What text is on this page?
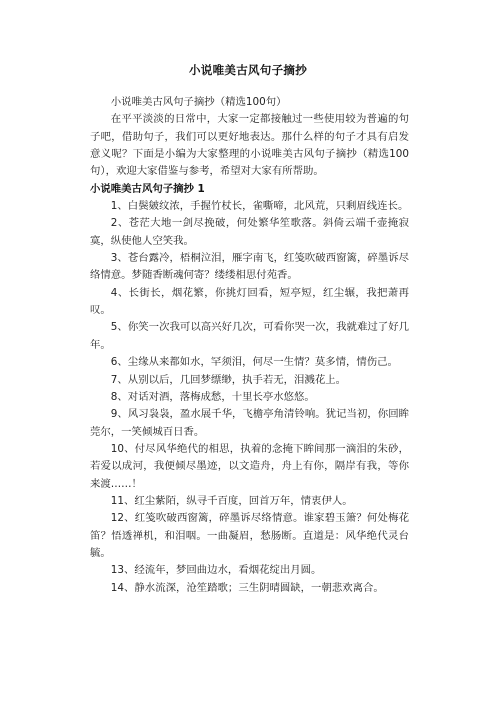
小说唯美古风句子摘抄

小说唯美古风句子摘抄（精选100句）

在平平淡淡的日常中，大家一定都接触过一些使用较为普遍的句子吧，借助句子，我们可以更好地表达。那什么样的句子才具有启发意义呢？下面是小编为大家整理的小说唯美古风句子摘抄（精选100句），欢迎大家借鉴与参考，希望对大家有所帮助。

小说唯美古风句子摘抄 1

1、白鬓皴纹浓，手握竹杖长，雀嘶啼，北风荒，只剩眉线连长。

2、苍茫大地一剑尽挽破，何处繁华笙歌落。斜倚云端千壶掩寂寞，纵使他人空笑我。

3、苍台露冷，梧桐泣泪，雁字南飞，红笺吹破西窗篱，碎墨诉尽络情意。梦随香断魂何寄？缕缕相思付苑香。

4、长街长，烟花繁，你挑灯回看，短亭短，红尘辗，我把萧再叹。

5、你笑一次我可以高兴好几次，可看你哭一次，我就难过了好几年。

6、尘缘从来都如水，罕须泪，何尽一生情？莫多情，情伤己。

7、从别以后，几回梦缥缈，执手若无，泪溅花上。

8、对话对酒，落梅成愁，十里长亭水悠悠。

9、风习袅袅，盈水展千华，飞檐亭角清铃响。犹记当初，你回眸莞尔，一笑倾城百日香。

10、付尽风华绝代的相思，执着的念掩下眸间那一滴泪的朱砂，若爱以成河，我便倾尽墨迹，以文造舟，舟上有你，隔岸有我，等你来渡……！

11、红尘紫陌，纵寻千百度，回首万年，情衷伊人。

12、红笺吹破西窗篱，碎墨诉尽络情意。谁家碧玉箫？何处梅花笛？悟透禅机，和泪咽。一曲凝眉，愁肠断。直道是：风华绝代灵台毓。

13、经流年，梦回曲边水，看烟花绽出月圆。

14、静水流深，沧笙踏歌；三生阴晴圆缺，一朝悲欢离合。
